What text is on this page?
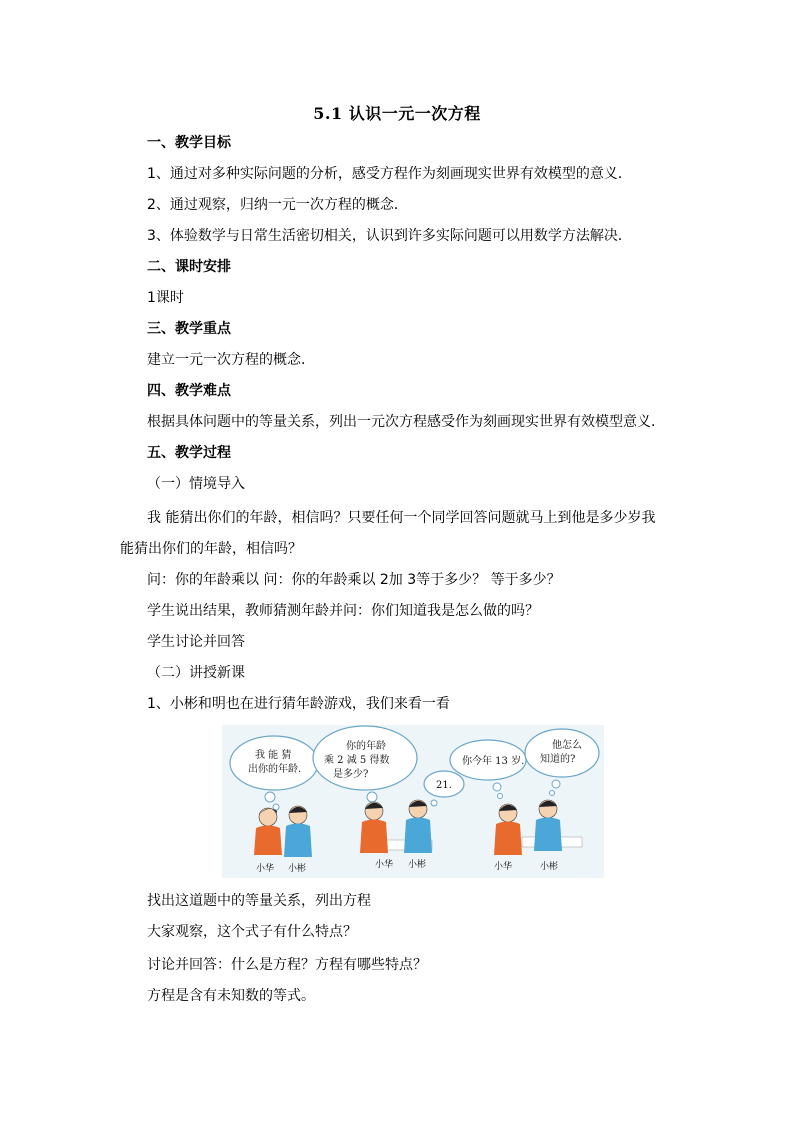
5.1 认识一元一次方程
一、教学目标
1、通过对多种实际问题的分析，感受方程作为刻画现实世界有效模型的意义．
2、通过观察，归纳一元一次方程的概念．
3、体验数学与日常生活密切相关，认识到许多实际问题可以用数学方法解决．
二、课时安排
1课时
三、教学重点
建立一元一次方程的概念．
四、教学难点
根据具体问题中的等量关系，列出一元次方程感受作为刻画现实世界有效模型意义．
五、教学过程
（一）情境导入
我 能猜出你们的年龄，相信吗？只要任何一个同学回答问题就马上到他是多少岁我
能猜出你们的年龄，相信吗？
问：你的年龄乘以 问：你的年龄乘以 2加 3等于多少？ 等于多少？
学生说出结果，教师猜测年龄并问：你们知道我是怎么做的吗？
学生讨论并回答
（二）讲授新课
1、小彬和明也在进行猜年龄游戏，我们来看一看
我 能 猜
出你的年龄.
你的年龄
乘 2 减 5 得数
是多少?
21.
你今年 13 岁.
他怎么
知道的?
小华 小彬	小华 小彬	小华	小彬
找出这道题中的等量关系，列出方程
大家观察，这个式子有什么特点？
讨论并回答：什么是方程？方程有哪些特点？
方程是含有未知数的等式。
